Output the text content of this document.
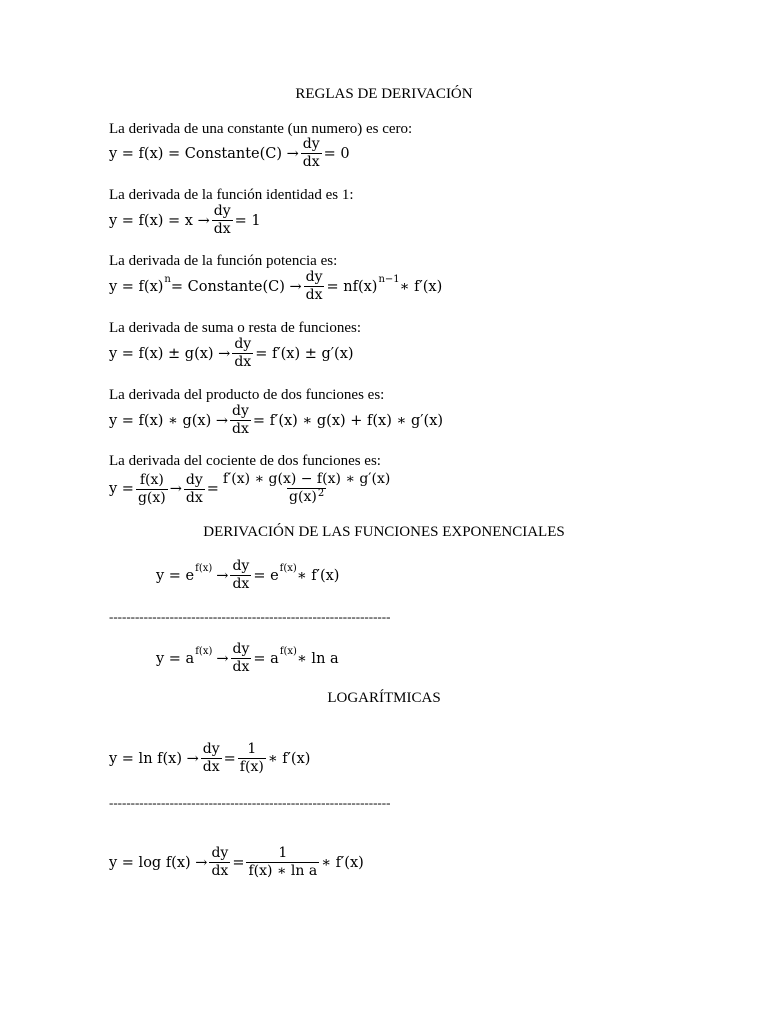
REGLAS DE DERIVACIÓN
La derivada de una constante (un numero) es cero:
y = f(x) = Constante(C) → $\frac{dy}{dx} = 0$
La derivada de la función identidad es 1:
$y = f(x) = x \to \frac{dy}{dx} = 1$
La derivada de la función potencia es:
y = f(x) n = Constante(C) → $\frac{dy}{dx} = nf(x)$ n−1 ∗ f′(x)
La derivada de suma o resta de funciones:
$y = f(x) \pm g(x) \to \frac{dy}{dx} = f'(x) \pm g'(x)$
La derivada del producto de dos funciones es:
y = f(x) ∗ $g(x) \to \frac{dy}{dx} = f'(x)$ ∗ g(x) + f(x) ∗ g′(x)
La derivada del cociente de dos funciones es:
$y = \frac{f(x)}{g(x)} \to \frac{dy}{dx} = \frac{f'(x) ∗ g(x) - f(x) ∗ g'(x)}{g(x)^2}$
DERIVACIÓN DE LAS FUNCIONES EXPONENCIALES
y = e $f(x) \to \frac{dy}{dx} = e$ f(x) ∗ f′(x)
-----------------------------------------------------------------
y = a $f(x) \to \frac{dy}{dx} = a$ f(x) ∗ ln a
LOGARÍTMICAS
$y = \ln f(x) \to \frac{dy}{dx} = \frac{1}{f(x)}$ ∗ f′(x)
-----------------------------------------------------------------
$y = \log f(x) \to \frac{dy}{dx} = \frac{1}{\text{f(x) ∗ ln a}}$ ∗ f′(x)
